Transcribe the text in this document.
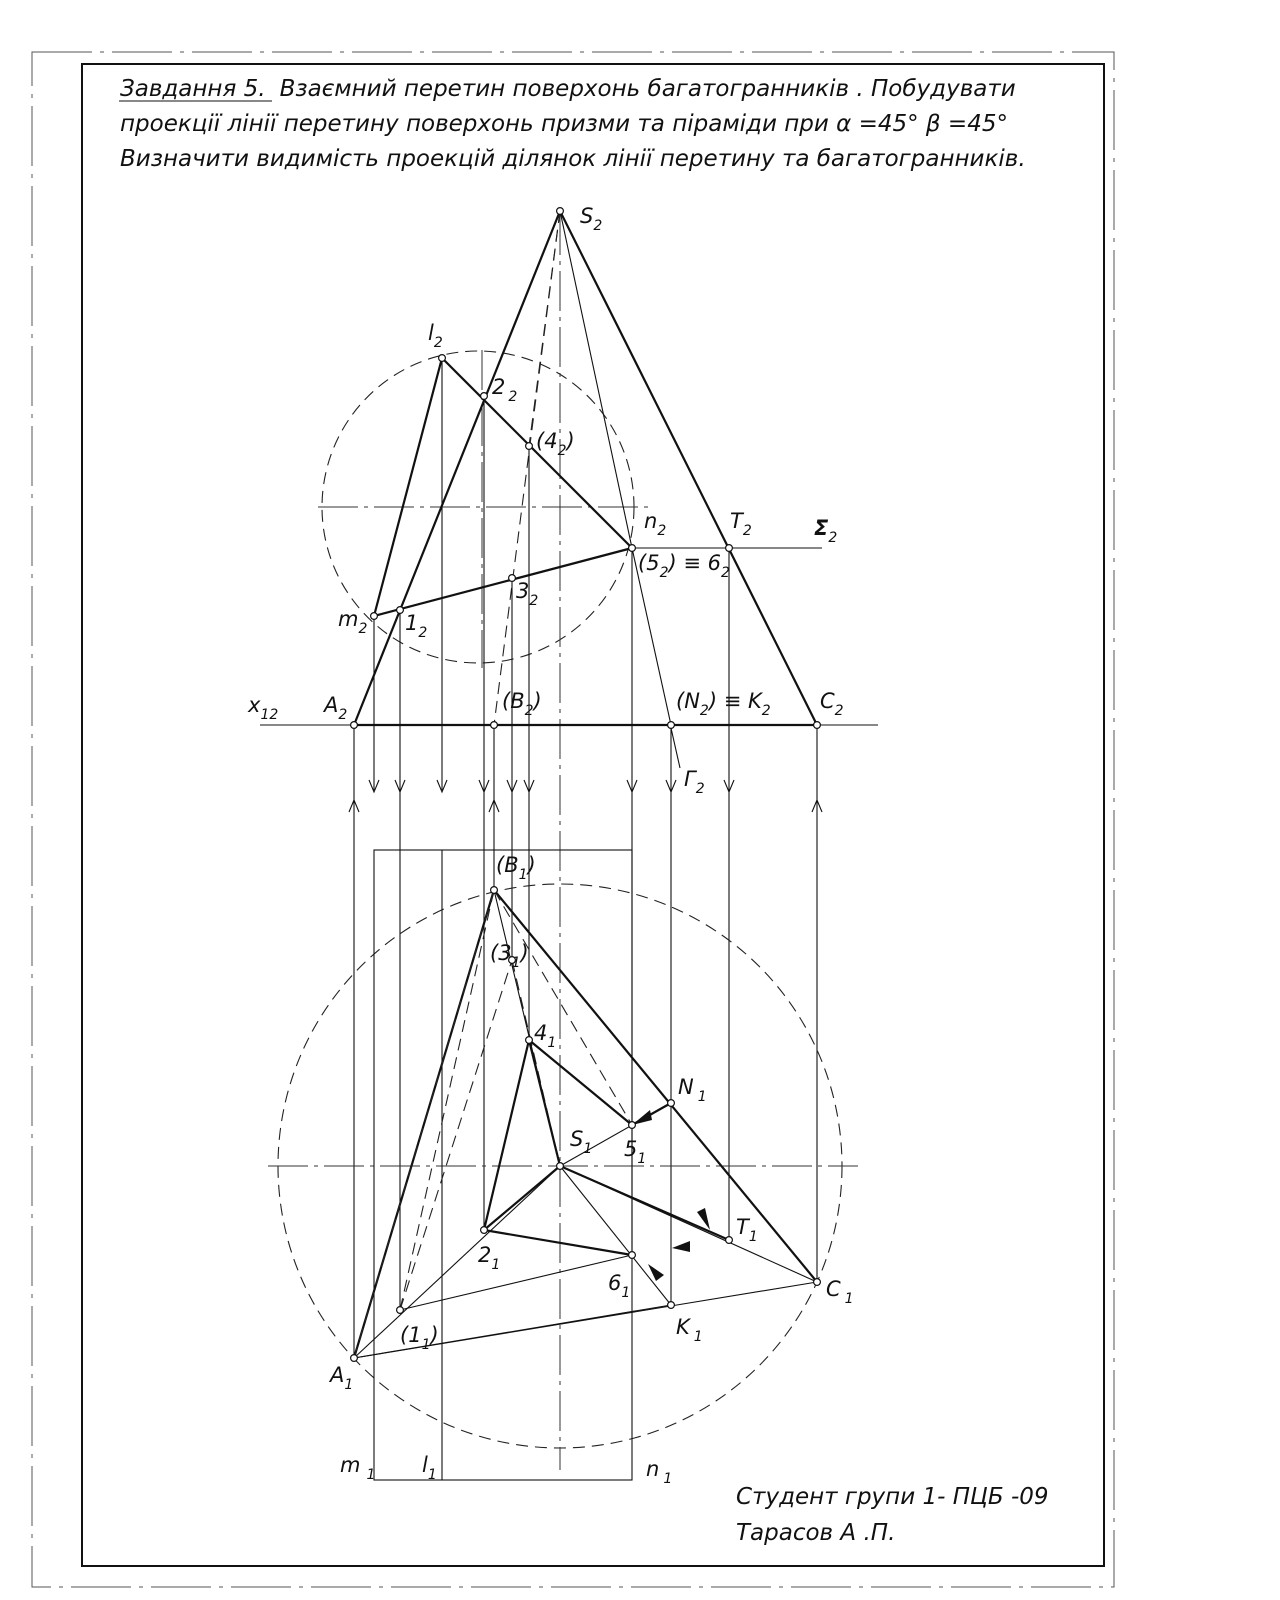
Завдання 5. Взаємний перетин поверхонь багатогранників . Побудувати
проекції лінії перетину поверхонь призми та піраміди при α =45° β =45°
Визначити видимість проекцій ділянок лінії перетину та багатогранників.
$S_2$
$l_2$
2 $_2$
$(4_2)$
$n_2$	$T_2$	$\Sigma_2$
$(5_2) \equiv 6_2$
$3_2$
$m_2$ $1_2$
$x_{12}$ $A_2$
$(B_2)$	$(N_2) \equiv K_2$ $C_2$
$Г_2$
$(B_1)$
$(3_1)$
$4_1$
N $_1$
$S_1$ $5_1$
$T_1$
$2_1$
$6_1$	C $_1$
$(1_1)$	K $_1$
$A_1$
m $_1$ $l_1$	n $_1$
Студент групи 1- ПЦБ -09
Тарасов А .П.
